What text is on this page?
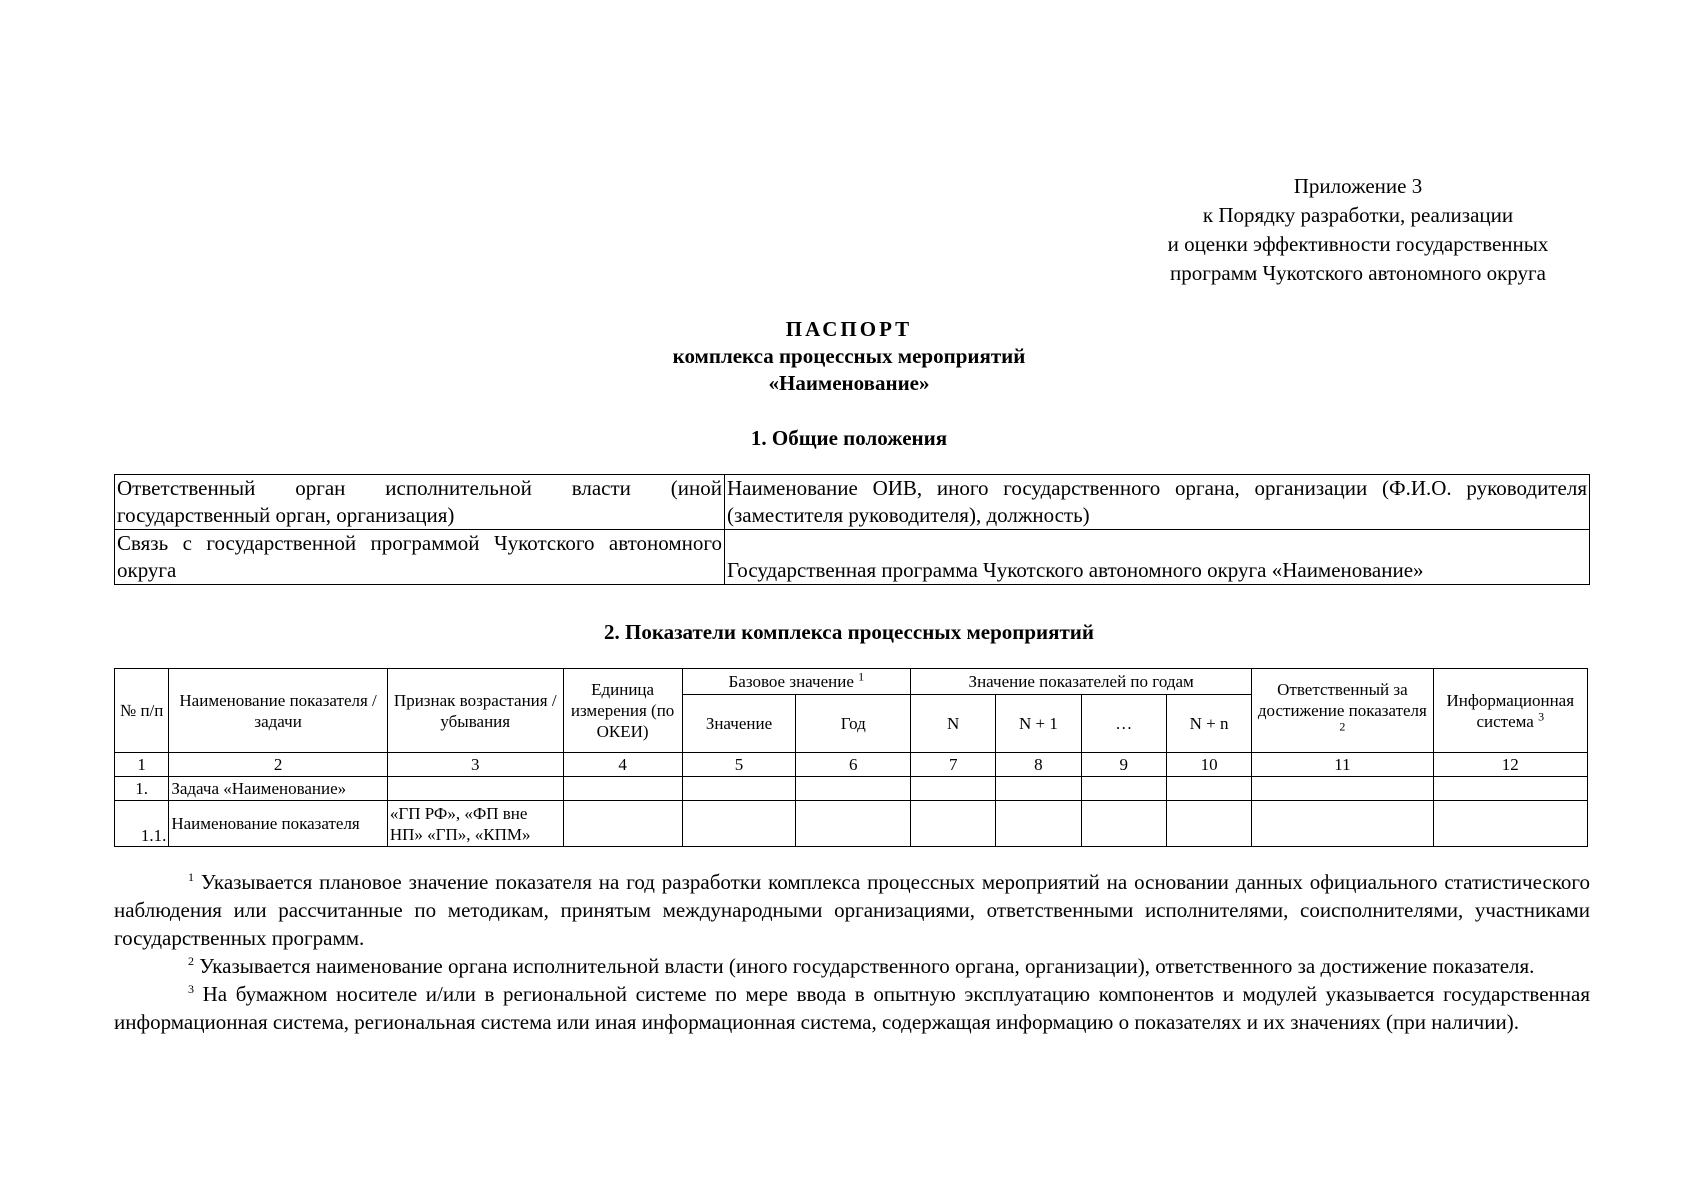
Приложение 3
к Порядку разработки, реализации
и оценки эффективности государственных
программ Чукотского автономного округа
ПАСПОРТ
комплекса процессных мероприятий
«Наименование»
1. Общие положения
Ответственный орган исполнительной власти (иной государственный орган, организация)	Наименование ОИВ, иного государственного органа, организации (Ф.И.О. руководителя (заместителя руководителя), должность)
Связь с государственной программой Чукотского автономного округа	Государственная программа Чукотского автономного округа «Наименование»
2. Показатели комплекса процессных мероприятий
№ п/п	Наименование показателя / задачи	Признак возрастания / убывания	Единица измерения (по ОКЕИ)	Базовое значение $^1$		Значение показателей по годам				Ответственный за достижение показателя $^2$	Информационная система $^3$
				Значение	Год	N	N + 1	…	N + n		
1	2	3	4	5	6	7	8	9	10	11	12
1.	Задача «Наименование»										
1.1.	Наименование показателя	«ГП РФ», «ФП вне НП» «ГП», «КПМ»									

$^1$ Указывается плановое значение показателя на год разработки комплекса процессных мероприятий на основании данных официального статистического наблюдения или рассчитанные по методикам, принятым международными организациями, ответственными исполнителями, соисполнителями, участниками государственных программ.

$^2$ Указывается наименование органа исполнительной власти (иного государственного органа, организации), ответственного за достижение показателя.

$^3$ На бумажном носителе и/или в региональной системе по мере ввода в опытную эксплуатацию компонентов и модулей указывается государственная информационная система, региональная система или иная информационная система, содержащая информацию о показателях и их значениях (при наличии).
